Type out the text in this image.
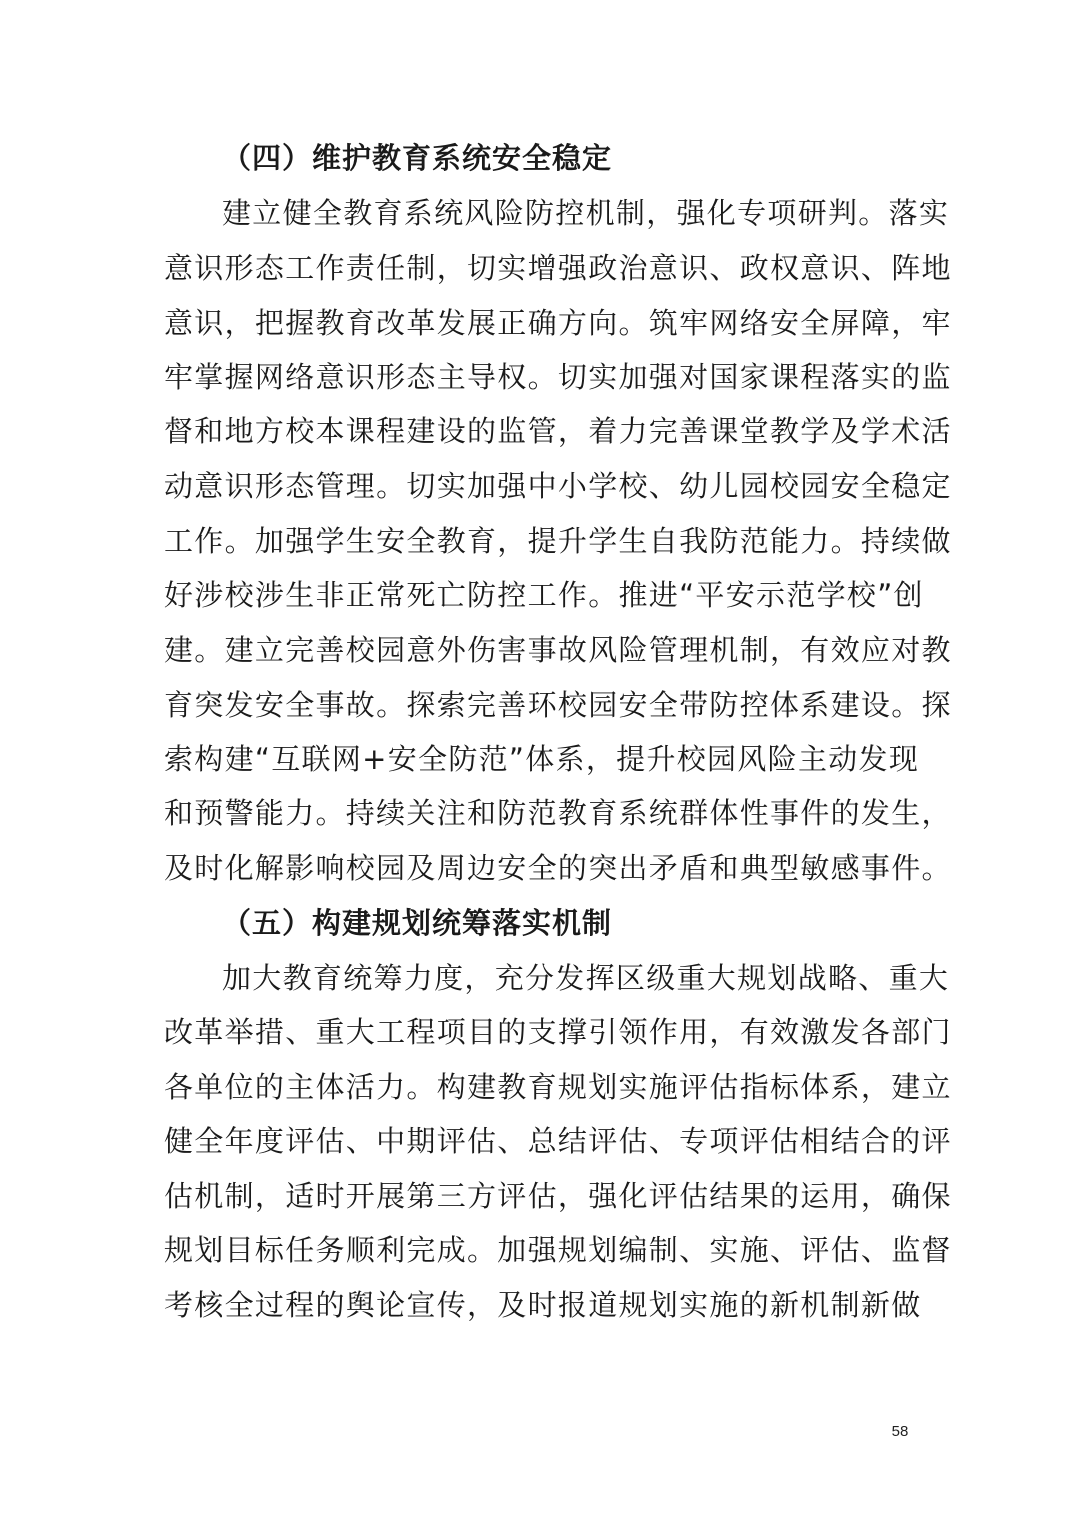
（四）维护教育系统安全稳定
建立健全教育系统风险防控机制，强化专项研判。落实
意识形态工作责任制，切实增强政治意识、政权意识、阵地
意识，把握教育改革发展正确方向。筑牢网络安全屏障，牢
牢掌握网络意识形态主导权。切实加强对国家课程落实的监
督和地方校本课程建设的监管，着力完善课堂教学及学术活
动意识形态管理。切实加强中小学校、幼儿园校园安全稳定
工作。加强学生安全教育，提升学生自我防范能力。持续做
好涉校涉生非正常死亡防控工作。推进“平安示范学校”创
建。建立完善校园意外伤害事故风险管理机制，有效应对教
育突发安全事故。探索完善环校园安全带防控体系建设。探
索构建“互联网+安全防范”体系，提升校园风险主动发现
和预警能力。持续关注和防范教育系统群体性事件的发生，
及时化解影响校园及周边安全的突出矛盾和典型敏感事件。
（五）构建规划统筹落实机制
加大教育统筹力度，充分发挥区级重大规划战略、重大
改革举措、重大工程项目的支撑引领作用，有效激发各部门
各单位的主体活力。构建教育规划实施评估指标体系，建立
健全年度评估、中期评估、总结评估、专项评估相结合的评
估机制，适时开展第三方评估，强化评估结果的运用，确保
规划目标任务顺利完成。加强规划编制、实施、评估、监督
考核全过程的舆论宣传，及时报道规划实施的新机制新做
58
